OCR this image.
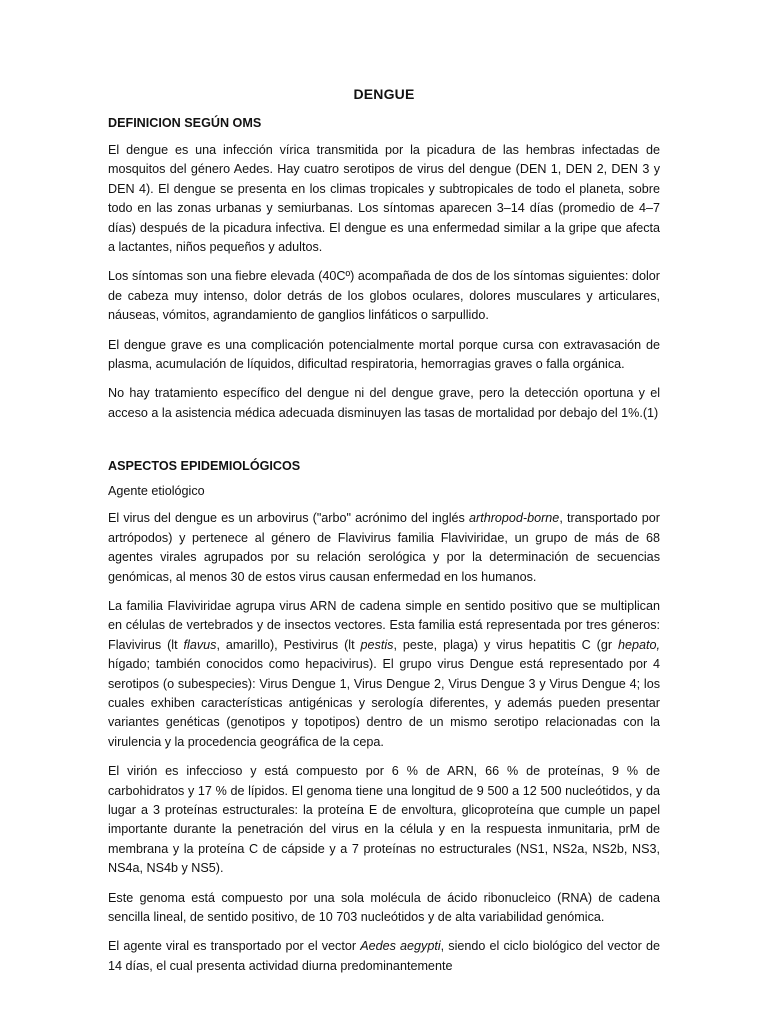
DENGUE
DEFINICION SEGÚN OMS

El dengue es una infección vírica transmitida por la picadura de las hembras infectadas de mosquitos del género Aedes. Hay cuatro serotipos de virus del dengue (DEN 1, DEN 2, DEN 3 y DEN 4). El dengue se presenta en los climas tropicales y subtropicales de todo el planeta, sobre todo en las zonas urbanas y semiurbanas. Los síntomas aparecen 3–14 días (promedio de 4–7 días) después de la picadura infectiva. El dengue es una enfermedad similar a la gripe que afecta a lactantes, niños pequeños y adultos.

Los síntomas son una fiebre elevada (40Cº) acompañada de dos de los síntomas siguientes: dolor de cabeza muy intenso, dolor detrás de los globos oculares, dolores musculares y articulares, náuseas, vómitos, agrandamiento de ganglios linfáticos o sarpullido.

El dengue grave es una complicación potencialmente mortal porque cursa con extravasación de plasma, acumulación de líquidos, dificultad respiratoria, hemorragias graves o falla orgánica.

No hay tratamiento específico del dengue ni del dengue grave, pero la detección oportuna y el acceso a la asistencia médica adecuada disminuyen las tasas de mortalidad por debajo del 1%.(1)

ASPECTOS EPIDEMIOLÓGICOS
Agente etiológico

El virus del dengue es un arbovirus ("arbo" acrónimo del inglés arthropod-borne, transportado por artrópodos) y pertenece al género de Flavivirus familia Flaviviridae, un grupo de más de 68 agentes virales agrupados por su relación serológica y por la determinación de secuencias genómicas, al menos 30 de estos virus causan enfermedad en los humanos.

La familia Flaviviridae agrupa virus ARN de cadena simple en sentido positivo que se multiplican en células de vertebrados y de insectos vectores. Esta familia está representada por tres géneros: Flavivirus (lt flavus, amarillo), Pestivirus (lt pestis, peste, plaga) y virus hepatitis C (gr hepato, hígado; también conocidos como hepacivirus). El grupo virus Dengue está representado por 4 serotipos (o subespecies): Virus Dengue 1, Virus Dengue 2, Virus Dengue 3 y Virus Dengue 4; los cuales exhiben características antigénicas y serología diferentes, y además pueden presentar variantes genéticas (genotipos y topotipos) dentro de un mismo serotipo relacionadas con la virulencia y la procedencia geográfica de la cepa.

El virión es infeccioso y está compuesto por 6 % de ARN, 66 % de proteínas, 9 % de carbohidratos y 17 % de lípidos. El genoma tiene una longitud de 9 500 a 12 500 nucleótidos, y da lugar a 3 proteínas estructurales: la proteína E de envoltura, glicoproteína que cumple un papel importante durante la penetración del virus en la célula y en la respuesta inmunitaria, prM de membrana y la proteína C de cápside y a 7 proteínas no estructurales (NS1, NS2a, NS2b, NS3, NS4a, NS4b y NS5).

Este genoma está compuesto por una sola molécula de ácido ribonucleico (RNA) de cadena sencilla lineal, de sentido positivo, de 10 703 nucleótidos y de alta variabilidad genómica.

El agente viral es transportado por el vector Aedes aegypti, siendo el ciclo biológico del vector de 14 días, el cual presenta actividad diurna predominantemente
